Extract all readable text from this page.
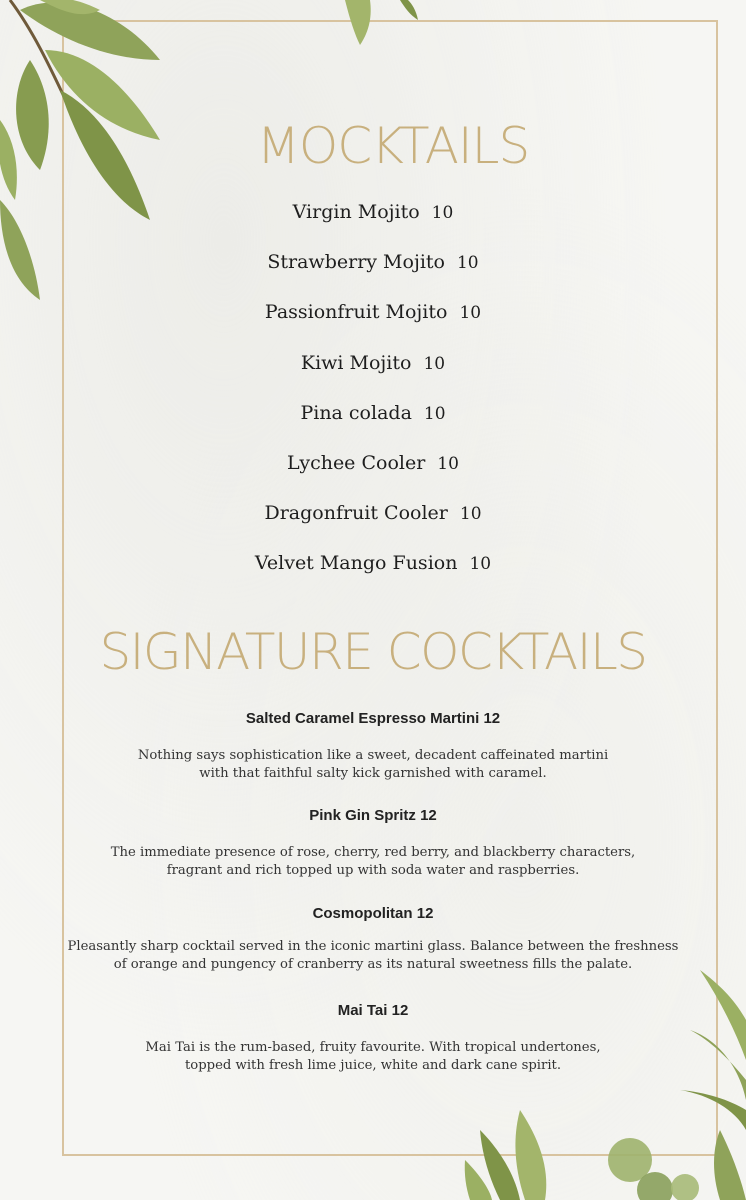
MOCKTAILS
Virgin Mojito 10
Strawberry Mojito 10
Passionfruit Mojito 10
Kiwi Mojito 10
Pina colada 10
Lychee Cooler 10
Dragonfruit Cooler 10
Velvet Mango Fusion 10
SIGNATURE COCKTAILS
Salted Caramel Espresso Martini 12

Nothing says sophistication like a sweet, decadent caffeinated martini
with that faithful salty kick garnished with caramel.

Pink Gin Spritz 12

The immediate presence of rose, cherry, red berry, and blackberry characters,
fragrant and rich topped up with soda water and raspberries.

Cosmopolitan 12

Pleasantly sharp cocktail served in the iconic martini glass. Balance between the freshness
of orange and pungency of cranberry as its natural sweetness fills the palate.

Mai Tai 12

Mai Tai is the rum-based, fruity favourite. With tropical undertones,
topped with fresh lime juice, white and dark cane spirit.
